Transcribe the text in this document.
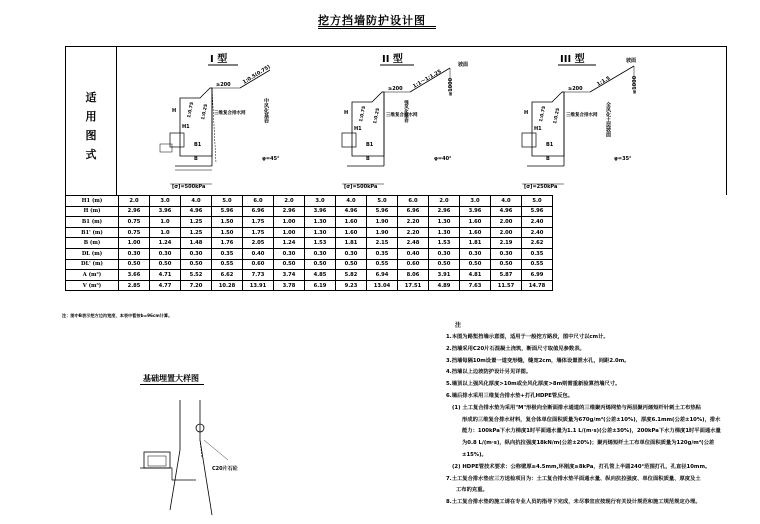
挖方挡墙防护设计图
适
用
图
式
I 型
≥200 1:0.5(0.75)
三维复合排水网
1:0.75 1:0.25
H1
H
B1
B
中风化基岩
φ=45°
[σ]=500kPa
II 型
≥200 1:1～1:1.25
坡面
≤1000
三维复合排水网
强风化基岩
1:0.75 1:0.25
H1
H
B1
B	φ=40°
[σ]=500kPa
III 型
≥200
1:1.5
坡面
≤1000
三维复合排水网 全风化土层坡面
1:0.75 1:0.25
H1
H
B1
B	φ=35°
[σ]=250kPa
H1 (m)	2.0	3.0	4.0	5.0	6.0	2.0	3.0	4.0	5.0	6.0	2.0	3.0	4.0	5.0
H (m)	2.96	3.96	4.96	5.96	6.96	2.96	3.96	4.96	5.96	6.96	2.96	3.96	4.96	5.96
B1 (m)	0.75	1.0	1.25	1.50	1.75	1.00	1.30	1.60	1.90	2.20	1.30	1.60	2.00	2.40
B1' (m)	0.75	1.0	1.25	1.50	1.75	1.00	1.30	1.60	1.90	2.20	1.30	1.60	2.00	2.40
B (m)	1.00	1.24	1.48	1.76	2.05	1.24	1.53	1.81	2.15	2.48	1.53	1.81	2.19	2.62
DL (m)	0.30	0.30	0.30	0.35	0.40	0.30	0.30	0.30	0.35	0.40	0.30	0.30	0.30	0.35
DL' (m)	0.50	0.50	0.50	0.55	0.60	0.50	0.50	0.50	0.55	0.60	0.50	0.50	0.50	0.55
A (m²)	3.66	4.71	5.52	6.62	7.73	3.74	4.85	5.82	6.94	8.06	3.91	4.81	5.87	6.99
V (m³)	2.85	4.77	7.20	10.28	13.91	3.78	6.19	9.23	13.04	17.51	4.89	7.63	11.57	14.78
注：图中B表示挖方边沟宽度，本表中暂按b=96cm计算。
基础埋置大样图
C20片石砼
注
1.本图为路堑挡墙示意图，适用于一般挖方路段，图中尺寸以cm计。
2.挡墙采用C20片石混凝土浇筑，断面尺寸取值见参数表。
3.挡墙每隔10m设置一道变形缝，缝宽2cm，墙体设置泄水孔，间距2.0m。
4.挡墙以上边坡防护设计另见详图。
5.墙顶以上强风化厚度>10m或全风化厚度>8m则需重新验算挡墙尺寸。
6.墙后排水采用三维复合排水垫+打孔HDPE管反包。
(1) 土工复合排水垫为采用"M"形极向全断面排水通道的三维聚丙烯网垫与两层聚丙烯短纤针刺土工布热粘
形成的三维复合排水材料，复合体单位面积质量为670g/m²(公差±10%)，厚度6.1mm(公差±10%)，排水
能力：100kPa下水力梯度1时平面通水量为1.1 L/(m·s)(公差±30%)，200kPa下水力梯度1时平面通水量
为0.8 L/(m·s)，纵向抗拉强度18kN/m(公差±20%)；聚丙烯短纤土工布单位面积质量为120g/m²(公差
±15%)。
(2) HDPE管技术要求：公称壁厚≥4.5mm,环刚度≥8kPa，打孔管上半圆240°范围打孔，孔直径10mm。
7.土工复合排水垫应三方送检项目为：土工复合排水垫平面通水量、纵向抗拉强度、单位面积质量、厚度及土
工布的克重。
8.土工复合排水垫的施工请在专业人员的指导下完成，未尽事宜应按现行有关设计规范和施工规范规定办理。
